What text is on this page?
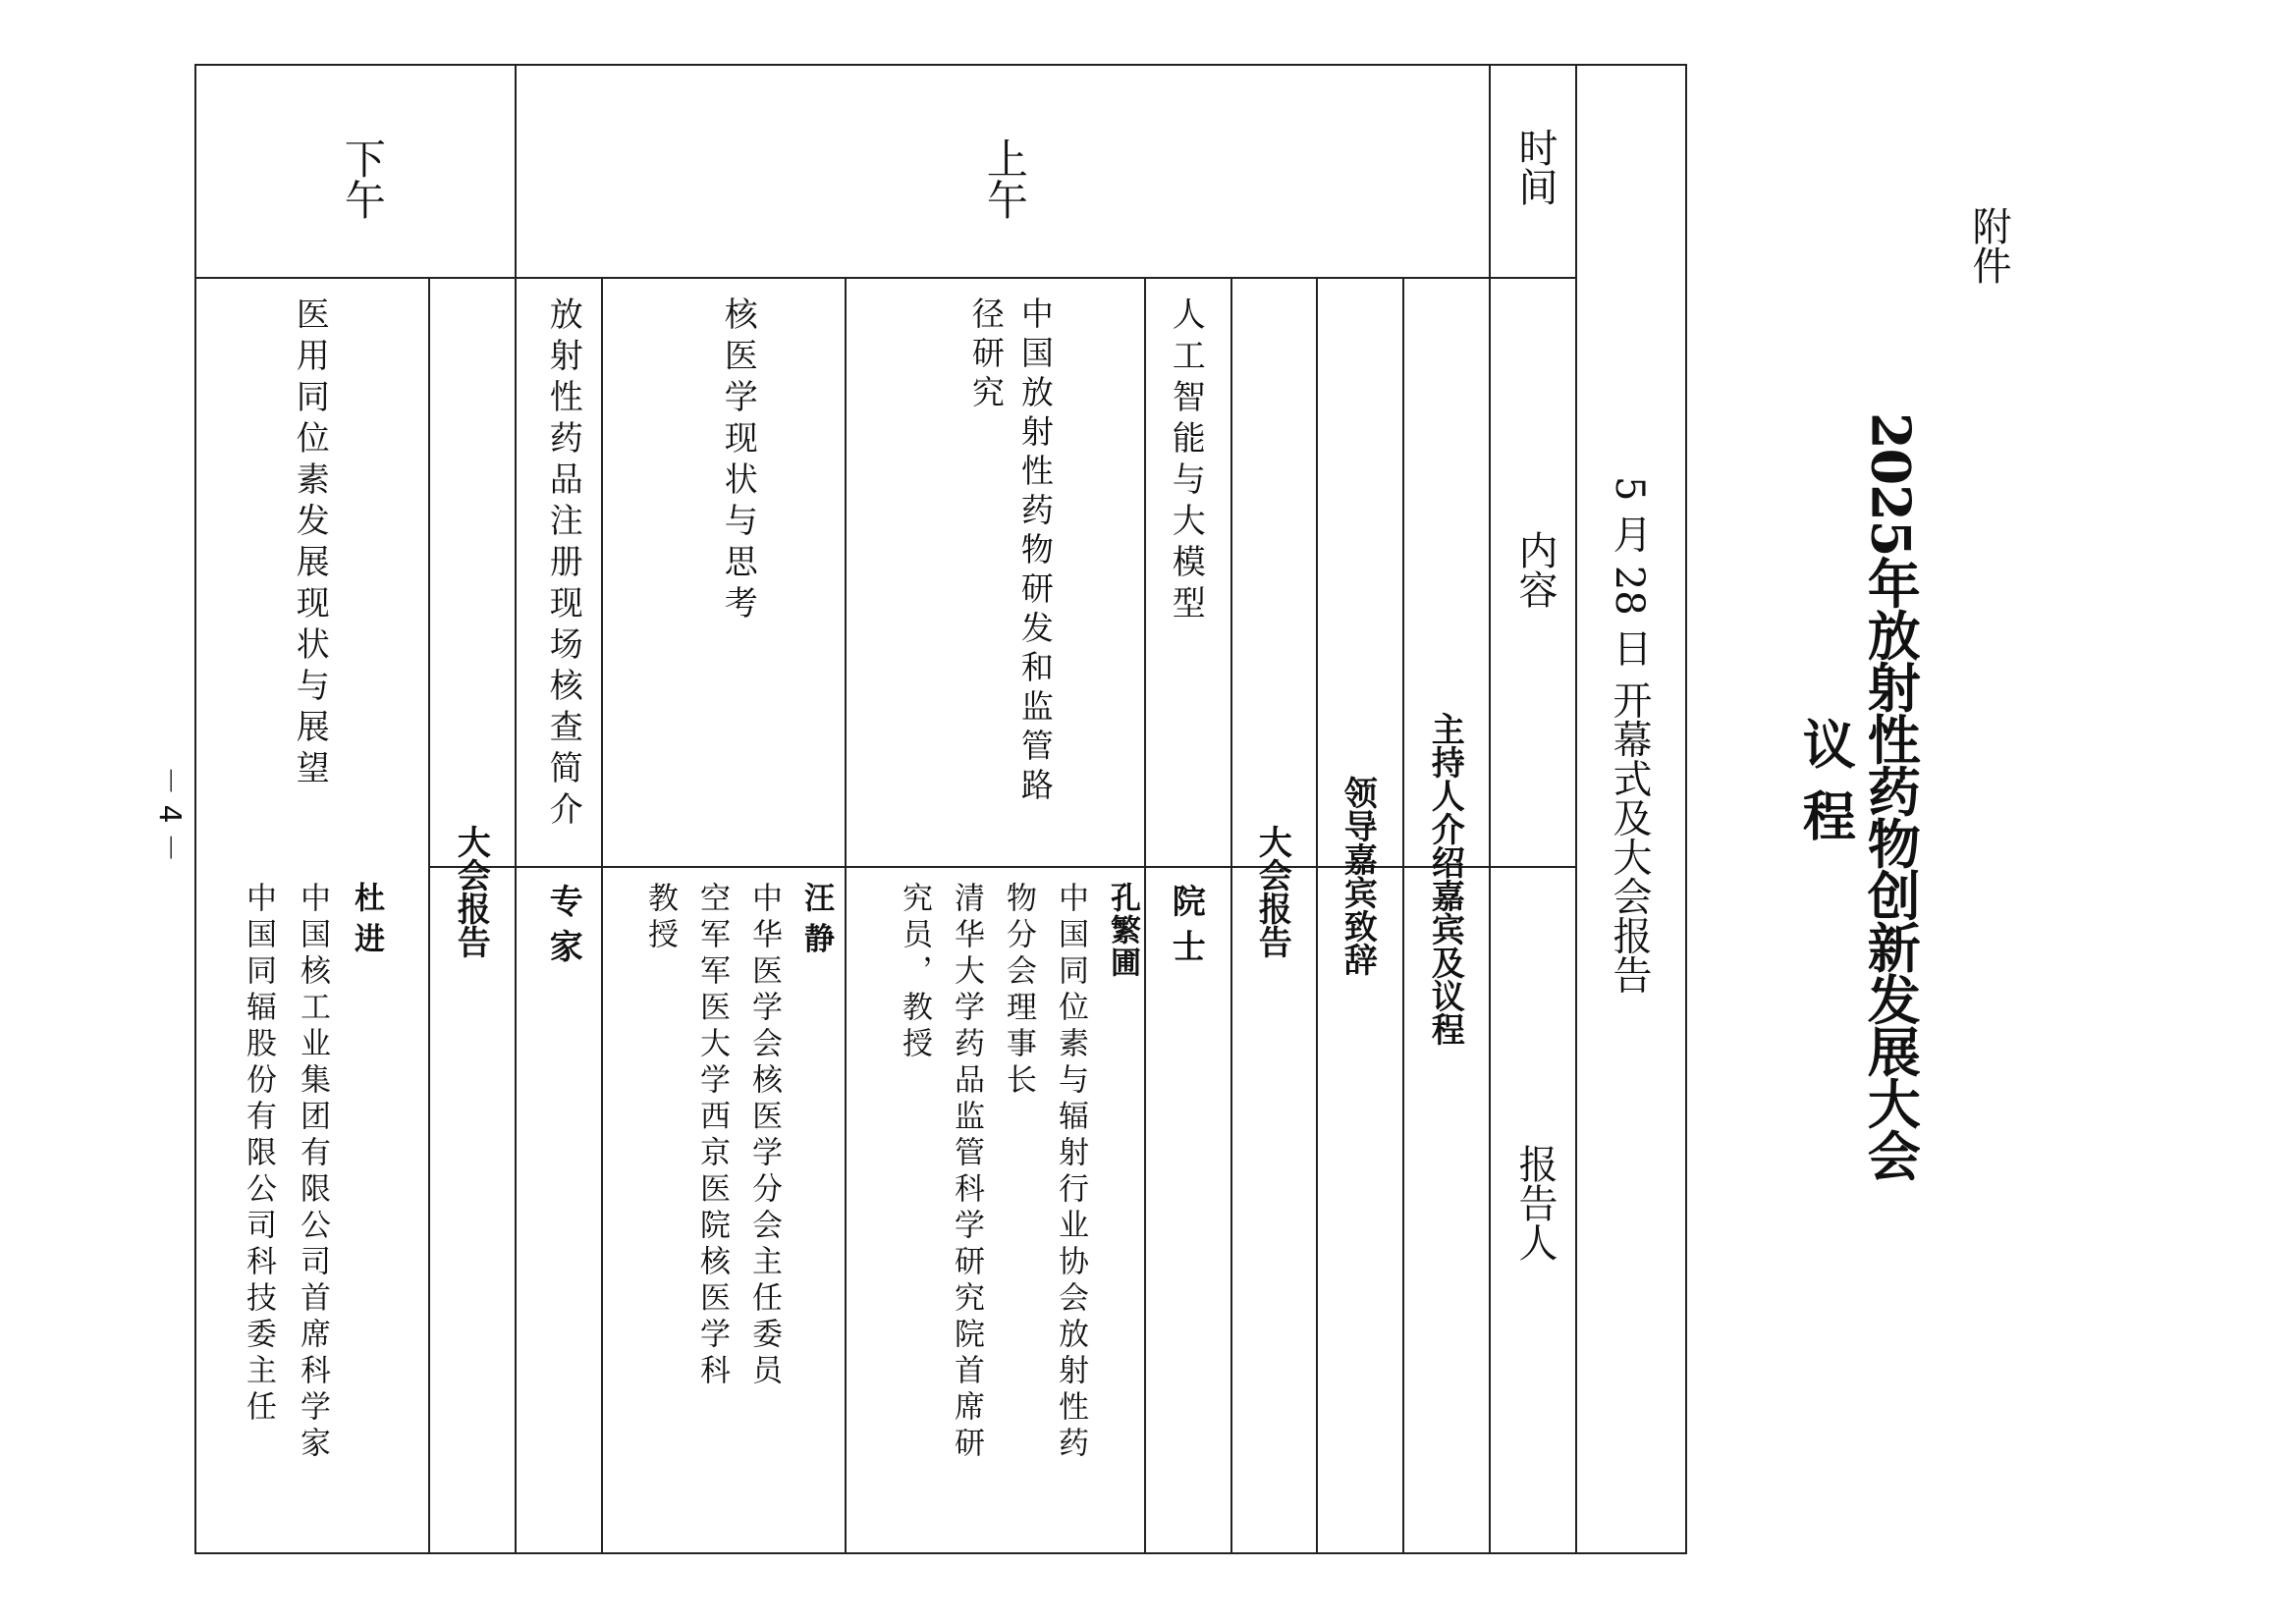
附件
2025年放射性药物创新发展大会
议 程
5 月 28 日 开幕式及大会报告
时间
内容
报告人
主持人介绍嘉宾及议程
领导嘉宾致辞
大会报告
上午
人工智能与大模型
院 士
中国放射性药物研发和监管路
径研究
孔繁圃
中国同位素与辐射行业协会放射性药
物分会理事长
清华大学药品监管科学研究院首席研
究员，教授
核医学现状与思考
汪 静
中华医学会核医学分会主任委员
空军军医大学西京医院核医学科
教授
放射性药品注册现场核查简介
专 家
大会报告
下午
医用同位素发展现状与展望
杜 进
中国核工业集团有限公司首席科学家
中国同辐股份有限公司科技委主任
－ 4 －
